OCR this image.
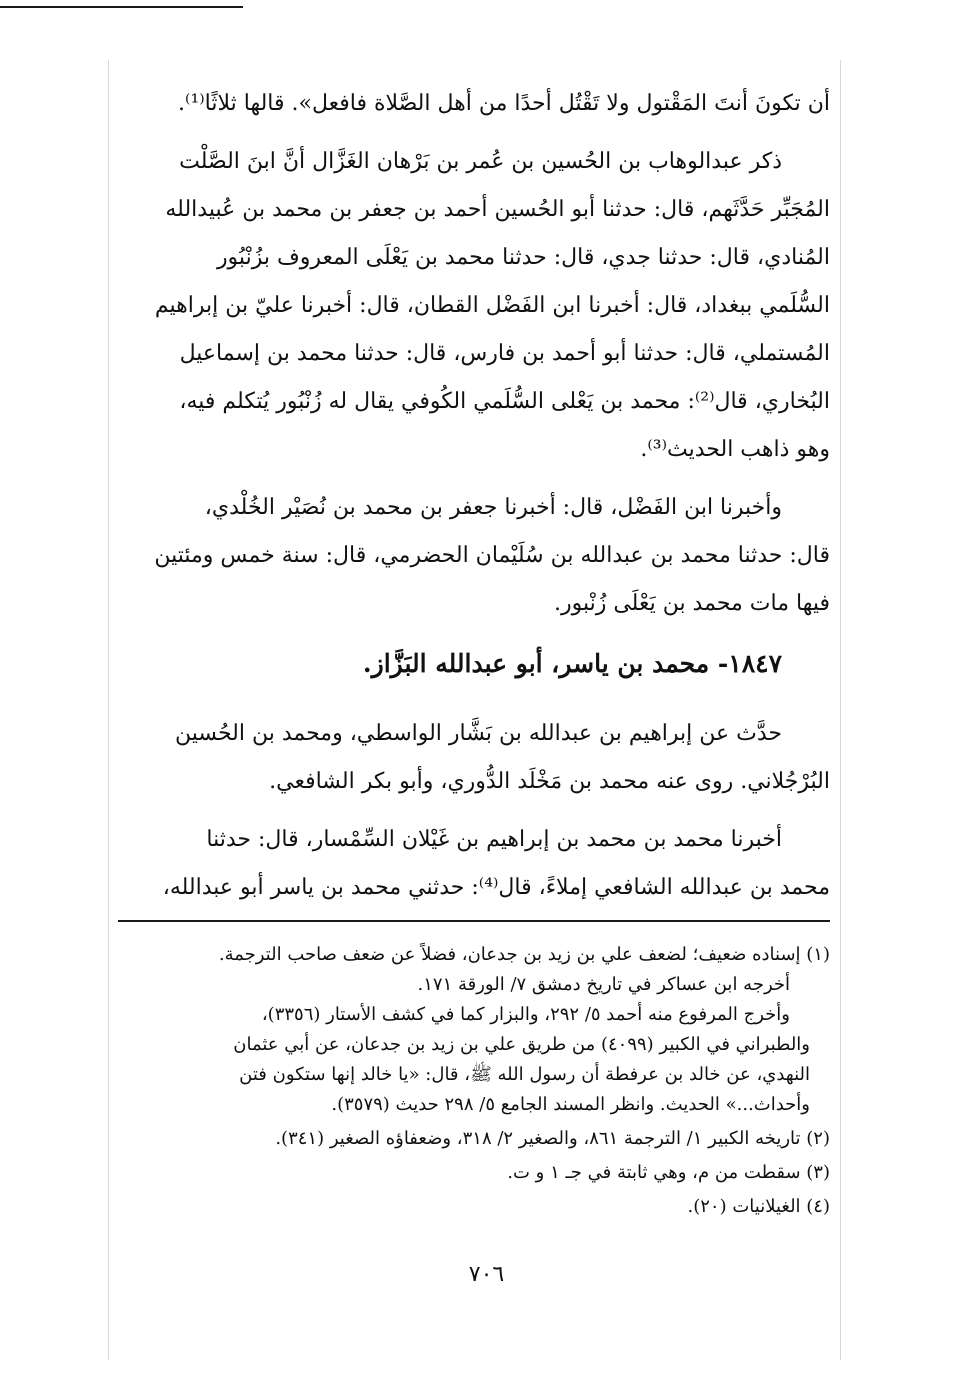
أن تكونَ أنتَ المَقْتول ولا تَقْتُل أحدًا من أهل الصَّلاة فافعل». قالها ثلاثًا⁽¹⁾.
ذكر عبدالوهاب بن الحُسين بن عُمر بن بَرْهان الغَزَّال أنَّ ابنَ الصَّلْت
المُجَبِّر حَدَّثَهم، قال: حدثنا أبو الحُسين أحمد بن جعفر بن محمد بن عُبيدالله
المُنادي، قال: حدثنا جدي، قال: حدثنا محمد بن يَعْلَى المعروف بزُنْبُور
السُّلَمي ببغداد، قال: أخبرنا ابن الفَضْل القطان، قال: أخبرنا عليّ بن إبراهيم
المُستملي، قال: حدثنا أبو أحمد بن فارس، قال: حدثنا محمد بن إسماعيل
البُخاري، قال⁽²⁾: محمد بن يَعْلى السُّلَمي الكُوفي يقال له زُنْبُور يُتكلم فيه،
وهو ذاهب الحديث⁽³⁾.
وأخبرنا ابن الفَضْل، قال: أخبرنا جعفر بن محمد بن نُصَيْر الخُلْدي،
قال: حدثنا محمد بن عبدالله بن سُلَيْمان الحضرمي، قال: سنة خمس ومئتين
فيها مات محمد بن يَعْلَى زُنْبور.
١٨٤٧- محمد بن ياسر، أبو عبدالله البَزَّاز.
حدَّث عن إبراهيم بن عبدالله بن بَشَّار الواسطي، ومحمد بن الحُسين
البُرْجُلاني. روى عنه محمد بن مَخْلَد الدُّوري، وأبو بكر الشافعي.
أخبرنا محمد بن محمد بن إبراهيم بن غَيْلان السِّمْسار، قال: حدثنا
محمد بن عبدالله الشافعي إملاءً، قال⁽⁴⁾: حدثني محمد بن ياسر أبو عبدالله،
(١) إسناده ضعيف؛ لضعف علي بن زيد بن جدعان، فضلاً عن ضعف صاحب الترجمة.
أخرجه ابن عساكر في تاريخ دمشق ٧/ الورقة ١٧١.
وأخرج المرفوع منه أحمد ٥/ ٢٩٢، والبزار كما في كشف الأستار (٣٣٥٦)،
والطبراني في الكبير (٤٠٩٩) من طريق علي بن زيد بن جدعان، عن أبي عثمان
النهدي، عن خالد بن عرفطة أن رسول الله ﷺ، قال: «يا خالد إنها ستكون فتن
وأحداث...» الحديث. وانظر المسند الجامع ٥/ ٢٩٨ حديث (٣٥٧٩).
(٢) تاريخه الكبير ١/ الترجمة ٨٦١، والصغير ٢/ ٣١٨، وضعفاؤه الصغير (٣٤١).
(٣) سقطت من م، وهي ثابتة في جـ ١ و ت.
(٤) الغيلانيات (٢٠).
٧٠٦
